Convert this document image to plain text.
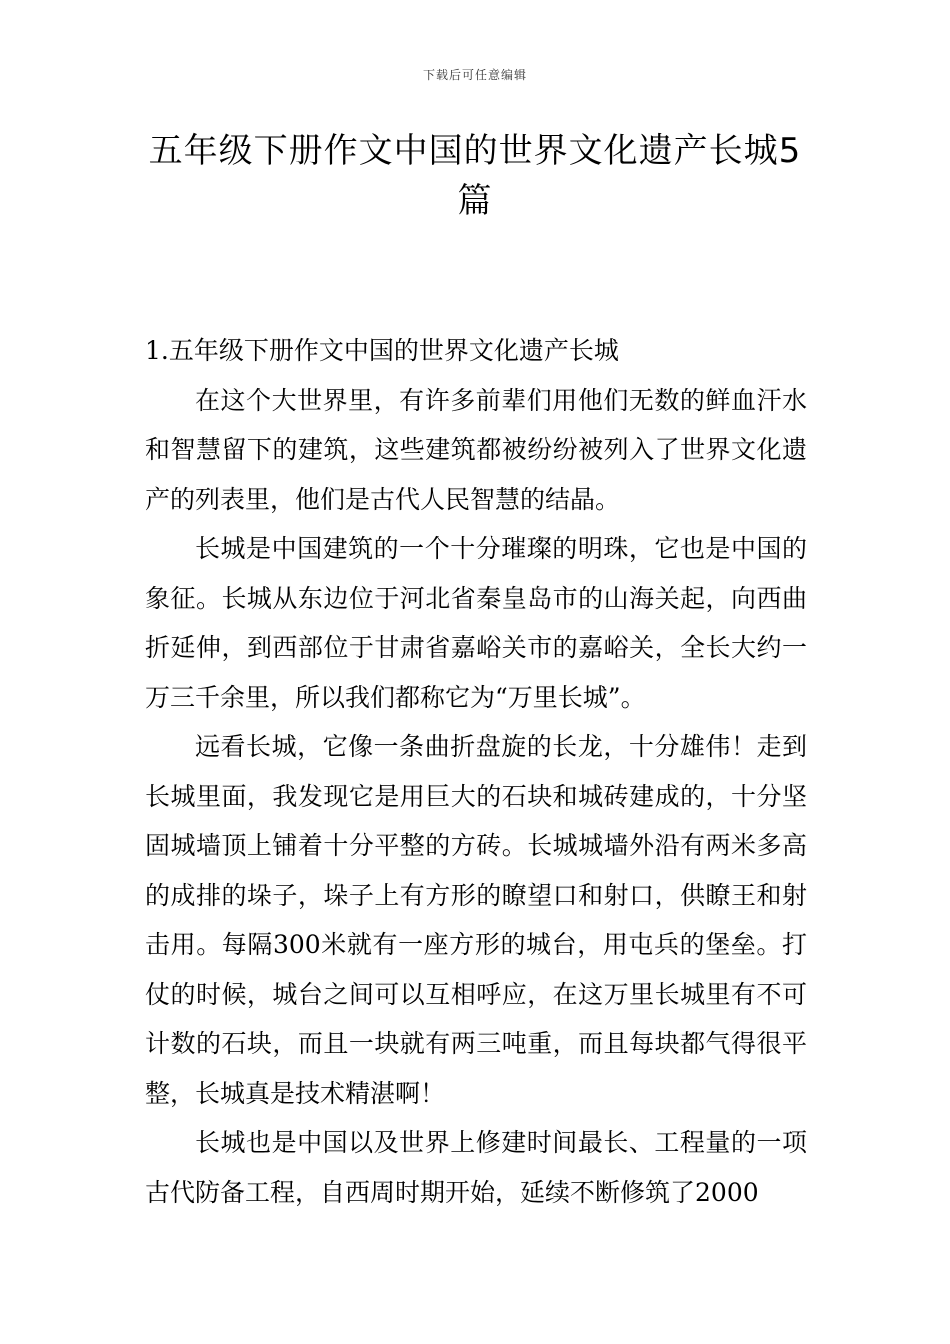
下载后可任意编辑
五年级下册作文中国的世界文化遗产长城5篇
1.五年级下册作文中国的世界文化遗产长城

在这个大世界里，有许多前辈们用他们无数的鲜血汗水和智慧留下的建筑，这些建筑都被纷纷被列入了世界文化遗产的列表里，他们是古代人民智慧的结晶。

长城是中国建筑的一个十分璀璨的明珠，它也是中国的象征。长城从东边位于河北省秦皇岛市的山海关起，向西曲折延伸，到西部位于甘肃省嘉峪关市的嘉峪关，全长大约一万三千余里，所以我们都称它为“万里长城”。

远看长城，它像一条曲折盘旋的长龙，十分雄伟！走到长城里面，我发现它是用巨大的石块和城砖建成的，十分坚固城墙顶上铺着十分平整的方砖。长城城墙外沿有两米多高的成排的垛子，垛子上有方形的瞭望口和射口，供瞭王和射击用。每隔300米就有一座方形的城台，用屯兵的堡垒。打仗的时候，城台之间可以互相呼应，在这万里长城里有不可计数的石块，而且一块就有两三吨重，而且每块都气得很平整，长城真是技术精湛啊！

长城也是中国以及世界上修建时间最长、工程量的一项古代防备工程，自西周时期开始，延续不断修筑了2000
